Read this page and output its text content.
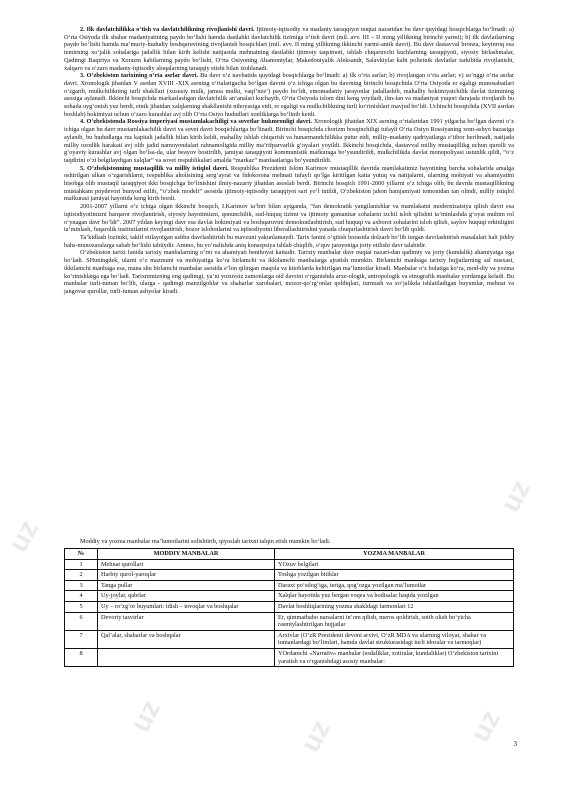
uz
uz	uz	uz
uz

2. Ilk davlatchilikka oʻtish va davlatchilikning rivojlanishi davri. Ijtimoiy-iqtisodiy va madaniy taraqqiyot nuqtai nazaridan bu davr quyidagi bosqichlarga boʻlinadi: a) Oʻrta Osiyoda ilk shahar madaniyatining paydo boʻlishi hamda dastlabki davlatchilik tizimiga oʻtish davri (mil. avv. III – II ming yillikning birinchi yarmi); b) ilk davlatlarning paydo boʻlishi hamda maʼmuriy-hududiy boshqaruvining rivojlanish bosqichlari (mil. avv. II ming yillikning ikkinchi yarmi-antik davri). Bu davr dastavval bronza, keyinroq esa temirning xoʻjalik sohalariga jadallik bilan kirib kelishi natijasida mehnatning dastlabki ijtimoiy taqsimoti, ishlab chiqaruvchi kuchlarning taraqqiyoti, siyosiy birlashmalar, Qadimgi Baqtriya va Xorazm kabilarning paydo boʻlishi, Oʻrta Osiyoning Ahamoniylar, Makedoniyalik Aleksandr, Salavkiylar kabi polietnik davlatlar tarkibida rivojlanishi, xalqaro va oʻzaro madaniy-iqtisodiy aloqalarning taraqqiy etishi bilan izohlanadi.

3. Oʻzbekiston tarixining oʻrta asrlar davri. Bu davr oʻz navbatida quyidagi bosqichlarga boʻlinadi: a) ilk oʻrta asrlar; b) rivojlangan oʻrta asrlar; v) soʻnggi oʻrta asrlar davri. Xronologik jihatdan V asrdan XVIII -XIX asrning oʻrtalarigacha boʻlgan davrni oʻz ichiga olgan bu davrning birinchi bosqichida Oʻrta Osiyoda er egaligi munosabatlari oʻzgarib, mulkchilikning turli shakllari (xususiy mulk, jamoa mulki, vaqfʼnzeʼ) paydo boʻldi, etnomadaniy jarayonlar jadallashib, mahalliy hokimiyatchilik davlat tizimining asosiga aylanadi. Ikkinchi bosqichda markazlashgan davlatchilik anʼanalari kuchayib, Oʻrta Osiyoda islom dini keng yoyiladi, ilm-fan va madaniyat yuqori darajada rivojlanib bu sohada uygʻonish yuz berdi, etnik jihatdan xalqlarning shakllanishi nihoyasiga etdi, er egaligi va mulkchilikning turli koʻrinishlari mavjud boʻldi. Uchinchi bosqichda (XVII asrdan boshlab) hokimiyat uchun oʻzaro kurashlar avj olib Oʻrta Osiyo hududlari xonliklarga boʻlinib ketdi.

4. Oʻzbekistonda Rossiya imperiyasi mustamlakachiligi va sovetlar hukmronligi davri. Xronologik jihatdan XIX asrning oʻrtalaridan 1991 yilgacha boʻlgan davrni oʻz ichiga olgan bu davr mustamlakachilik davri va sovet davri bosqichlariga boʻlinadi. Birinchi bosqichda chorizm bosqinchiligi tufayli Oʻrta Osiyo Rossiyaning xom-ashyo bazasiga aylanib, bu hududlarga rus kapitali jadallik bilan kirib keldi, mahalliy ishlab chiqarish va hunarmandchilikka putur etdi, milliy-madaniy qadriyatlarga eʼtibor berilmadi, natijada milliy ozodlik harakati avj olib jadid namoyondalari rahnamoligida milliy maʼrifparvarlik gʻoyalari yoyildi. Ikkinchi bosqichda, dastavval milliy mustaqillikg uchun qurolli va gʻoyaviy kurashlar avj olgan boʻlsa-da, ular beayov bostirilib, jamiyat taraqqiyoti kommunistik mafkuraga boʻysundirildi, mulkchilikda davlat monopoliyasi ustunlik qildi, “oʻz taqdirini oʻzi belgilaydigan xalqlar” va sovet respublikalari amalda “markaz” manfaatlariga boʻysundirildi.

5. Oʻzbekistonning mustaqillik va milliy istiqlol davri. Respublika Prezidenti Islom Karimov mustaqillik davrida mamlakatimiz hayotining barcha sohalarida amalga oshirilgan ulkan oʻzgarishlarni, respublika aholisining sergʻayrat va fidokorona mehnati tufayli qoʻlga kiritilgan katta yutuq va natijalarni, ularning mohiyati va ahamiyatini hisobga olib mustaqil taraqqiyot ikki bosqichga boʻlinishini ilmiy-nazariy jihatdan asoslab berdi. Birinchi bosqich 1991-2000 yillarni oʻz ichiga olib, bu davrda mustaqillikning mustahkam poydevori bunyod etilib, “oʻzbek modeli” asosida ijtimoiy-iqtisodiy taraqqiyot sari yoʻl tutildi, Oʻzbekiston jahon hamjamiyati tomonidan tan olindi, milliy istiqlol mafkurasi jamiyat hayotida keng kirib bordi.

2001-2007 yillarni oʻz ichiga olgan ikkinchi bosqich, I.Karimov taʼbiri bilan aytganda, “fan demokratik yangilanishlar va mamlakatni modernizatsiya qilish davri esa iqtisodiyotimizni barqaror rivojlantirish, siyosiy hayotimizni, qonunchilik, sud-huquq tizimi va ijtimoiy gumanitar sohalarni izchil isloh qilishni taʼminlashda gʻoyat muhim rol oʻynagan davr boʻldi”. 2007 yildan keyingi davr esa davlat hokimiyati va boshqaruvini demokratlashtirish, sud huquqi va axborot sohalarini isloh qilish, saylov huquqi erkinligini taʼminlash, fuqarolik institutlarini rivojlantirish, bozor islohotlarini va iqtisodiyotni liberallashtirishni yanada chuqurlashtirish davri boʻlib qoldi.

Taʼkidlash lozimki, taklif etilayotgan ushbu davrlashtirish bu mavzuni yakunlamaydi. Tarix fanini oʻqitish borasida dolzarb boʻlib turgan davrlashtirish masalalari hali jiddiy bahs-munozaralarga sabab boʻlishi tabiiydir. Ammo, bu yoʻnalishda aniq konsepsiya ishlab chiqilib, oʻquv jarayoniga joriy etilishi davr talabidir.

Oʻzbekiston tarixi fanida tarixiy manbalarning oʻrni va ahamiyati benihoyat kattadir. Tarixiy manbalar davr nuqtai nazari-dan qadimiy va joriy (kundalik) ahamiyatga ega boʻladi. SHuningdek, ularni oʻz mazmuni va mohiyatiga koʻra birlamchi va ikkilamchi manbalarga ajratish mumkin. Birlamchi manbaga tarixiy hujjatlarning asl nusxasi, ikkilamchi manbaga esa, mana shu birlamchi manbalar asosida eʼlon qilingan maqola va kitoblarda keltirilgan maʼlumotlar kiradi. Manbalar oʻz holatiga koʻra, mod-diy va yozma koʻrinishlarga ega boʻladi. Tarixnimizning eng qadimgi, yaʼni yozuvsiz zamonlarga oid davrini oʻrganishda arxe-ologik, antropologik va etnografik manbalar yordamga keladi. Bu manbalar turli-tuman boʻlib, ularga - qadimgi manzilgohlar va shaharlar xarobalari, mozor-qoʻrgʻonlar qoldiqlari, turmush va xoʻjalikda ishlatiladigan buyumlar, mehnat va jangovar qurollar, turli-tuman ashyolar kiradi.

Moddiy va yozma manbalar maʼlumotlarini solishtirib, qiyoslab tarixni talqin etish mumkin boʻladi.
№	MODDIY MANBALAR	YOZMA MANBALAR
1	Mehnat qurollari	YOzuv belgilari
2	Harbiy qurol-yaroqlar	Toshga yozilgan bitiklar
3	Tanga pullar	Daraxt poʻstlogʻiga, teriga, qogʻozga yozilgan maʼlumotlar
4	Uy-joylar, qabrlar	Xalqlar hayotida yuz bergan voqea va hodisalar haqida yozilgan
5	Uy – roʻzgʻor buyumlari: idish – tovoqlar va boshqalar	Davlat boshliqlarining yozma shakldagi farmonlari 12
6	Devoriy tasvirlar	Er, qimmatbaho narsalarni inʼom qilish, meros qoldirish, sotib olish boʻyicha rasmiylashtirilgan hujjatlar
7	Qalʼalar, shaharlar va boshqalar	Arxivlar (OʻzR Prezidenti devoni arxivi, OʻzR MDA va ularning viloyat, shahar va tumanlardagi boʻlimlari, hamda davlat strukturasidagi turli idoralar va tarmoqlar)
8		YOrdamchi «Narrativ» manbalar (esdaliklar, xotiralar, kundaliklar) Oʻzbekiston tarixini yaratish va oʻrganishdagi asosiy manbalar:
3
